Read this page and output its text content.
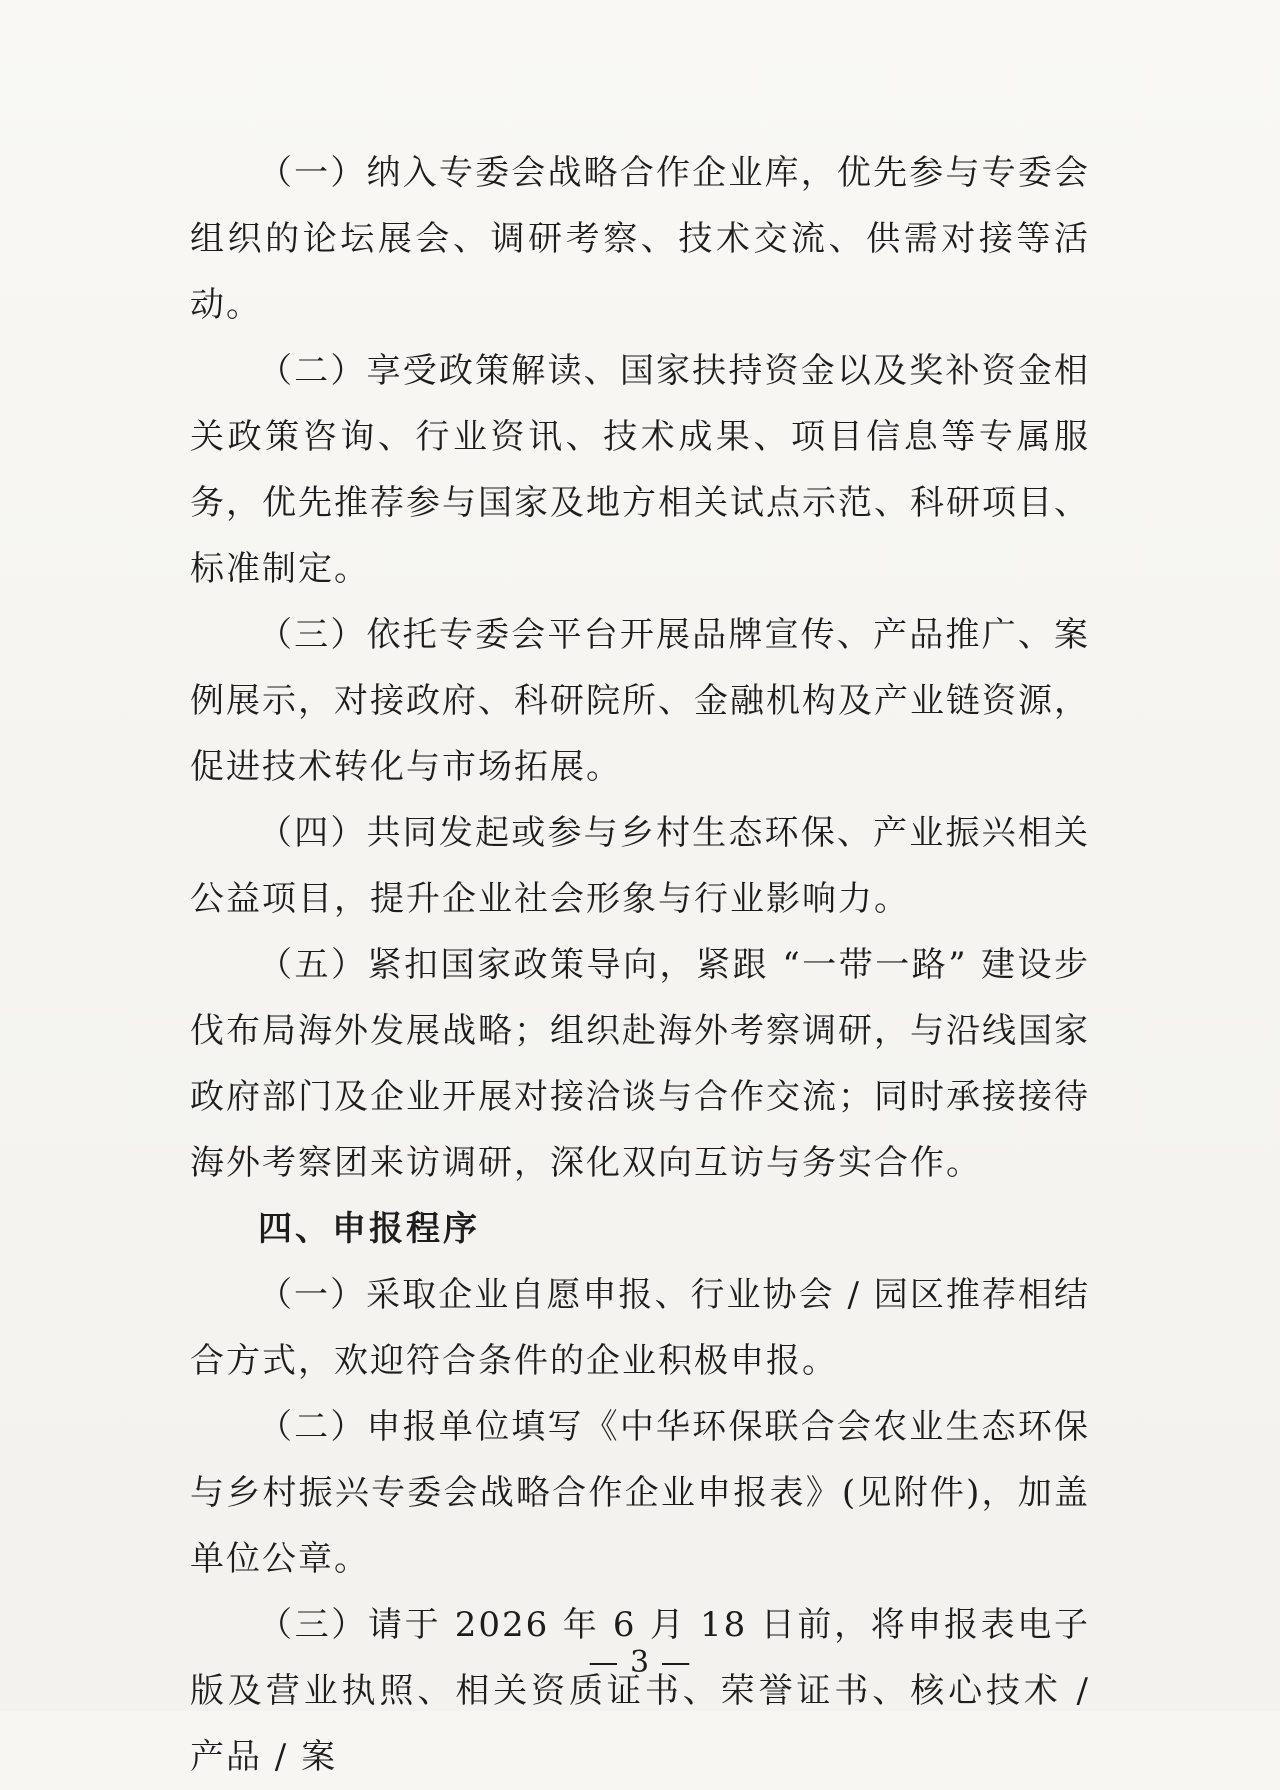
（一）纳入专委会战略合作企业库，优先参与专委会组织的论坛展会、调研考察、技术交流、供需对接等活动。

（二）享受政策解读、国家扶持资金以及奖补资金相关政策咨询、行业资讯、技术成果、项目信息等专属服务，优先推荐参与国家及地方相关试点示范、科研项目、标准制定。

（三）依托专委会平台开展品牌宣传、产品推广、案例展示，对接政府、科研院所、金融机构及产业链资源，促进技术转化与市场拓展。

（四）共同发起或参与乡村生态环保、产业振兴相关公益项目，提升企业社会形象与行业影响力。

（五）紧扣国家政策导向，紧跟 “一带一路” 建设步伐布局海外发展战略；组织赴海外考察调研，与沿线国家政府部门及企业开展对接洽谈与合作交流；同时承接接待海外考察团来访调研，深化双向互访与务实合作。

四、申报程序

（一）采取企业自愿申报、行业协会 / 园区推荐相结合方式，欢迎符合条件的企业积极申报。

（二）申报单位填写《中华环保联合会农业生态环保与乡村振兴专委会战略合作企业申报表》(见附件)，加盖单位公章。

（三）请于 2026 年 6 月 18 日前，将申报表电子版及营业执照、相关资质证书、荣誉证书、核心技术 / 产品 / 案

— 3 —
